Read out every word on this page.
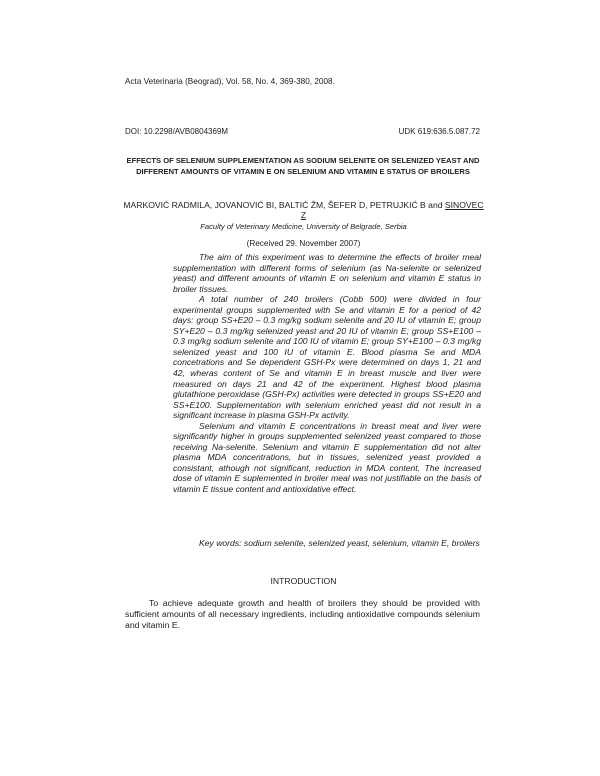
Acta Veterinaria (Beograd), Vol. 58, No. 4, 369-380, 2008.
DOI: 10.2298/AVB0804369M	UDK 619:636.5.087.72
EFFECTS OF SELENIUM SUPPLEMENTATION AS SODIUM SELENITE OR SELENIZED YEAST AND DIFFERENT AMOUNTS OF VITAMIN E ON SELENIUM AND VITAMIN E STATUS OF BROILERS
MARKOVIĆ RADMILA, JOVANOVIĆ BI, BALTIĆ ŽM, ŠEFER D, PETRUJKIĆ B and SINOVEC Z
Faculty of Veterinary Medicine, University of Belgrade, Serbia
(Received 29. November 2007)

The aim of this experiment was to determine the effects of broiler meal supplementation with different forms of selenium (as Na-selenite or selenized yeast) and different amounts of vitamin E on selenium and vitamin E status in broiler tissues.

A total number of 240 broilers (Cobb 500) were divided in four experimental groups supplemented with Se and vitamin E for a period of 42 days: group SS+E20 – 0.3 mg/kg sodium selenite and 20 IU of vitamin E; group SY+E20 – 0.3 mg/kg selenized yeast and 20 IU of vitamin E; group SS+E100 – 0.3 mg/kg sodium selenite and 100 IU of vitamin E; group SY+E100 – 0.3 mg/kg selenized yeast and 100 IU of vitamin E. Blood plasma Se and MDA concetrations and Se dependent GSH-Px were determined on days 1, 21 and 42, wheras content of Se and vitamin E in breast muscle and liver were measured on days 21 and 42 of the experiment. Highest blood plasma glutathione peroxidase (GSH-Px) activities were detected in groups SS+E20 and SS+E100. Supplementation with selenium enriched yeast did not result in a significant increase in plasma GSH-Px activity.

Selenium and vitamin E concentrations in breast meat and liver were significantly higher in groups supplemented selenized yeast compared to those receiving Na-selenite. Selenium and vitamin E supplementation did not alter plasma MDA concentrations, but in tissues, selenized yeast provided a consistant, athough not significant, reduction in MDA content. The increased dose of vitamin E suplemented in broiler meal was not justifiable on the basis of vitamin E tissue content and antioxidative effect.

Key words: sodium selenite, selenized yeast, selenium, vitamin E, broilers
INTRODUCTION
To achieve adequate growth and health of broilers they should be provided with sufficient amounts of all necessary ingredients, including antioxidative compounds selenium and vitamin E.
